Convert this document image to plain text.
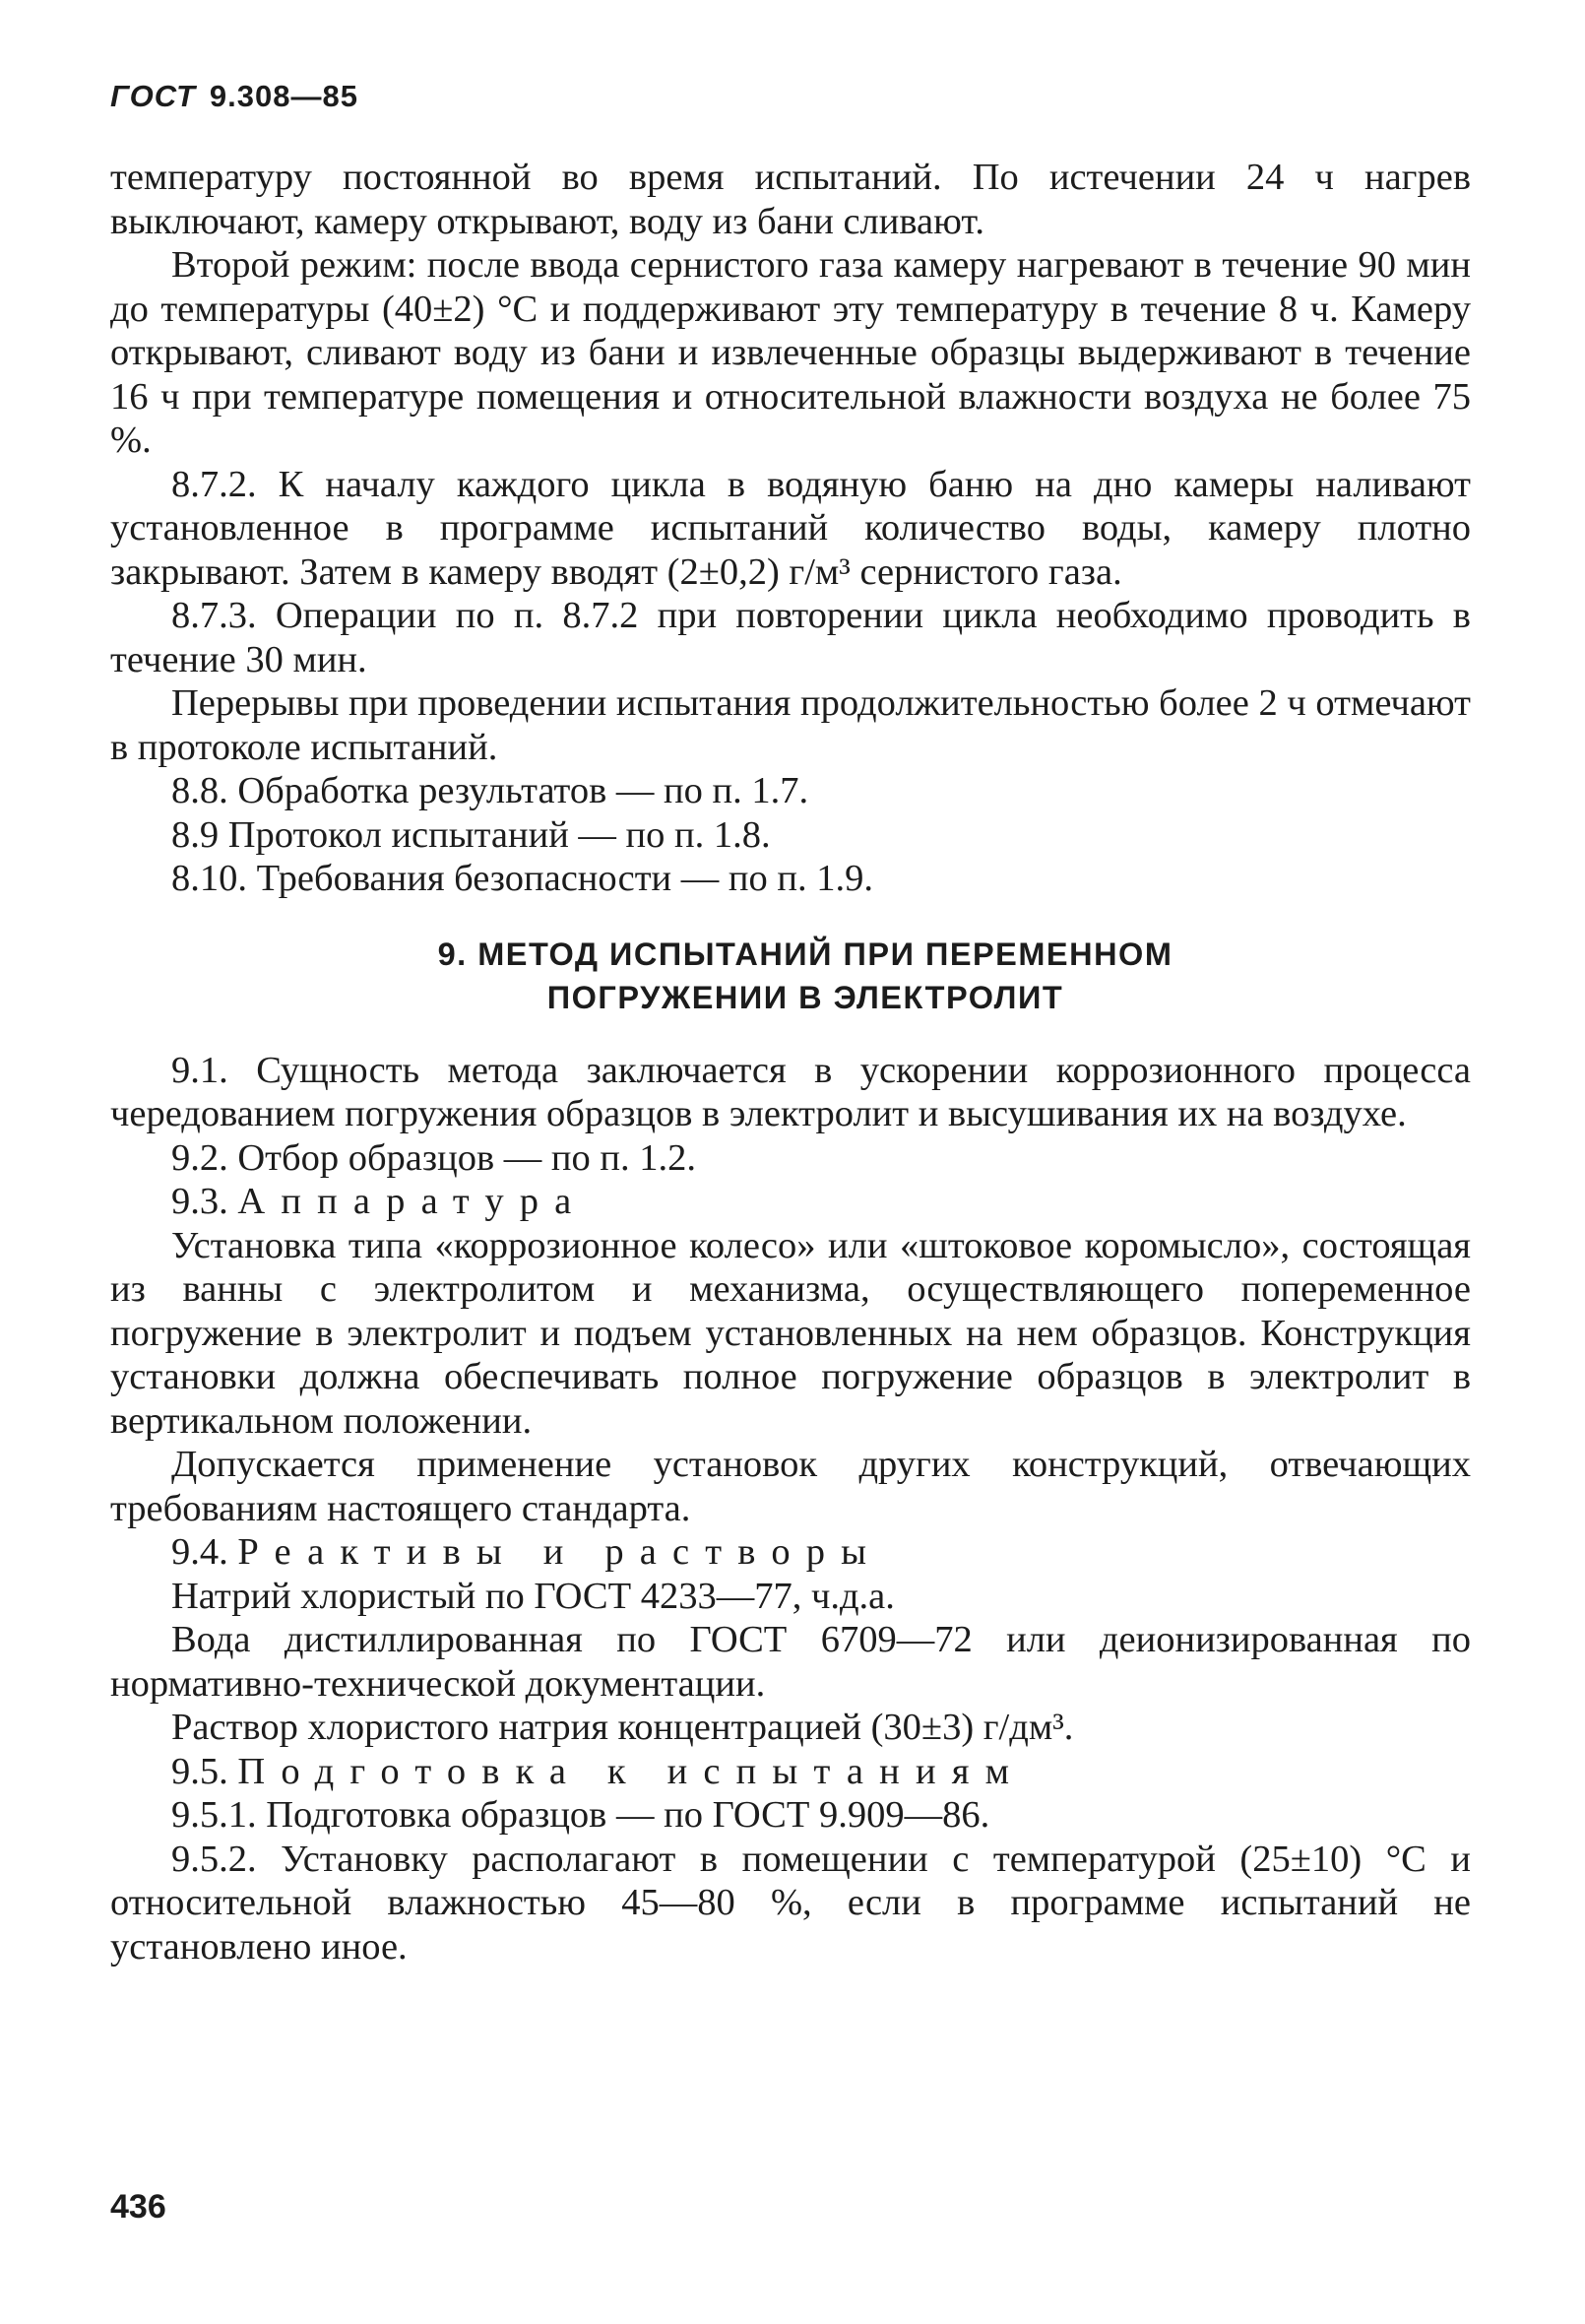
ГОСТ 9.308—85

температуру постоянной во время испытаний. По истечении 24 ч нагрев выключают, камеру открывают, воду из бани сливают.

Второй режим: после ввода сернистого газа камеру нагревают в течение 90 мин до температуры (40±2) °С и поддерживают эту температуру в течение 8 ч. Камеру открывают, сливают воду из бани и извлеченные образцы выдерживают в течение 16 ч при температуре помещения и относительной влажности воздуха не более 75 %.

8.7.2. К началу каждого цикла в водяную баню на дно камеры наливают установленное в программе испытаний количество воды, камеру плотно закрывают. Затем в камеру вводят (2±0,2) г/м³ сернистого газа.

8.7.3. Операции по п. 8.7.2 при повторении цикла необходимо проводить в течение 30 мин.

Перерывы при проведении испытания продолжительностью более 2 ч отмечают в протоколе испытаний.

8.8. Обработка результатов — по п. 1.7.

8.9 Протокол испытаний — по п. 1.8.

8.10. Требования безопасности — по п. 1.9.

9. МЕТОД ИСПЫТАНИЙ ПРИ ПЕРЕМЕННОМ
ПОГРУЖЕНИИ В ЭЛЕКТРОЛИТ

9.1. Сущность метода заключается в ускорении коррозионного процесса чередованием погружения образцов в электролит и высушивания их на воздухе.

9.2. Отбор образцов — по п. 1.2.

9.3. Аппаратура

Установка типа «коррозионное колесо» или «штоковое коромысло», состоящая из ванны с электролитом и механизма, осуществляющего попеременное погружение в электролит и подъем установленных на нем образцов. Конструкция установки должна обеспечивать полное погружение образцов в электролит в вертикальном положении.

Допускается применение установок других конструкций, отвечающих требованиям настоящего стандарта.

9.4. Реактивы и растворы

Натрий хлористый по ГОСТ 4233—77, ч.д.а.

Вода дистиллированная по ГОСТ 6709—72 или деионизированная по нормативно-технической документации.

Раствор хлористого натрия концентрацией (30±3) г/дм³.

9.5. Подготовка к испытаниям

9.5.1. Подготовка образцов — по ГОСТ 9.909—86.

9.5.2. Установку располагают в помещении с температурой (25±10) °С и относительной влажностью 45—80 %, если в программе испытаний не установлено иное.

436
